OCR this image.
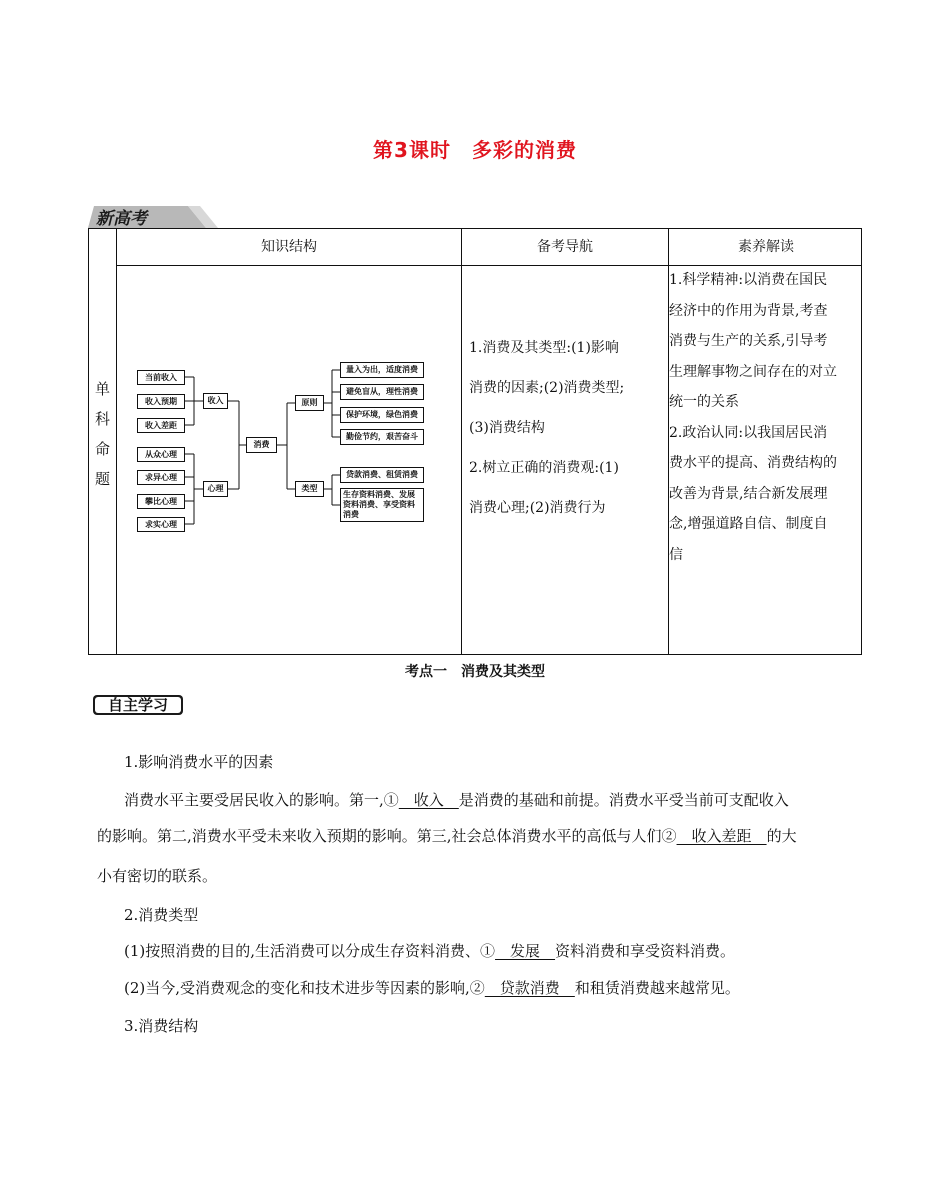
第3课时　多彩的消费
新高考
知识结构	备考导航	素养解读
单
科
命
题
当前收入
收入预期
收入差距
从众心理
求异心理
攀比心理
求实心理
收入
心理
消费
原则
类型
量入为出，适度消费
避免盲从，理性消费
保护环境，绿色消费
勤俭节约，艰苦奋斗
贷款消费、租赁消费
生存资料消费、发展资料消费、享受资料消费
1.消费及其类型:(1)影响
消费的因素;(2)消费类型;
(3)消费结构
2.树立正确的消费观:(1)
消费心理;(2)消费行为
1.科学精神:以消费在国民
经济中的作用为背景,考查
消费与生产的关系,引导考
生理解事物之间存在的对立
统一的关系
2.政治认同:以我国居民消
费水平的提高、消费结构的
改善为背景,结合新发展理
念,增强道路自信、制度自
信
考点一　消费及其类型
自主学习
1.影响消费水平的因素
消费水平主要受居民收入的影响。第一,①　收入　是消费的基础和前提。消费水平受当前可支配收入
的影响。第二,消费水平受未来收入预期的影响。第三,社会总体消费水平的高低与人们②　收入差距　的大
小有密切的联系。
2.消费类型
(1)按照消费的目的,生活消费可以分成生存资料消费、①　发展　资料消费和享受资料消费。
(2)当今,受消费观念的变化和技术进步等因素的影响,②　贷款消费　和租赁消费越来越常见。
3.消费结构
